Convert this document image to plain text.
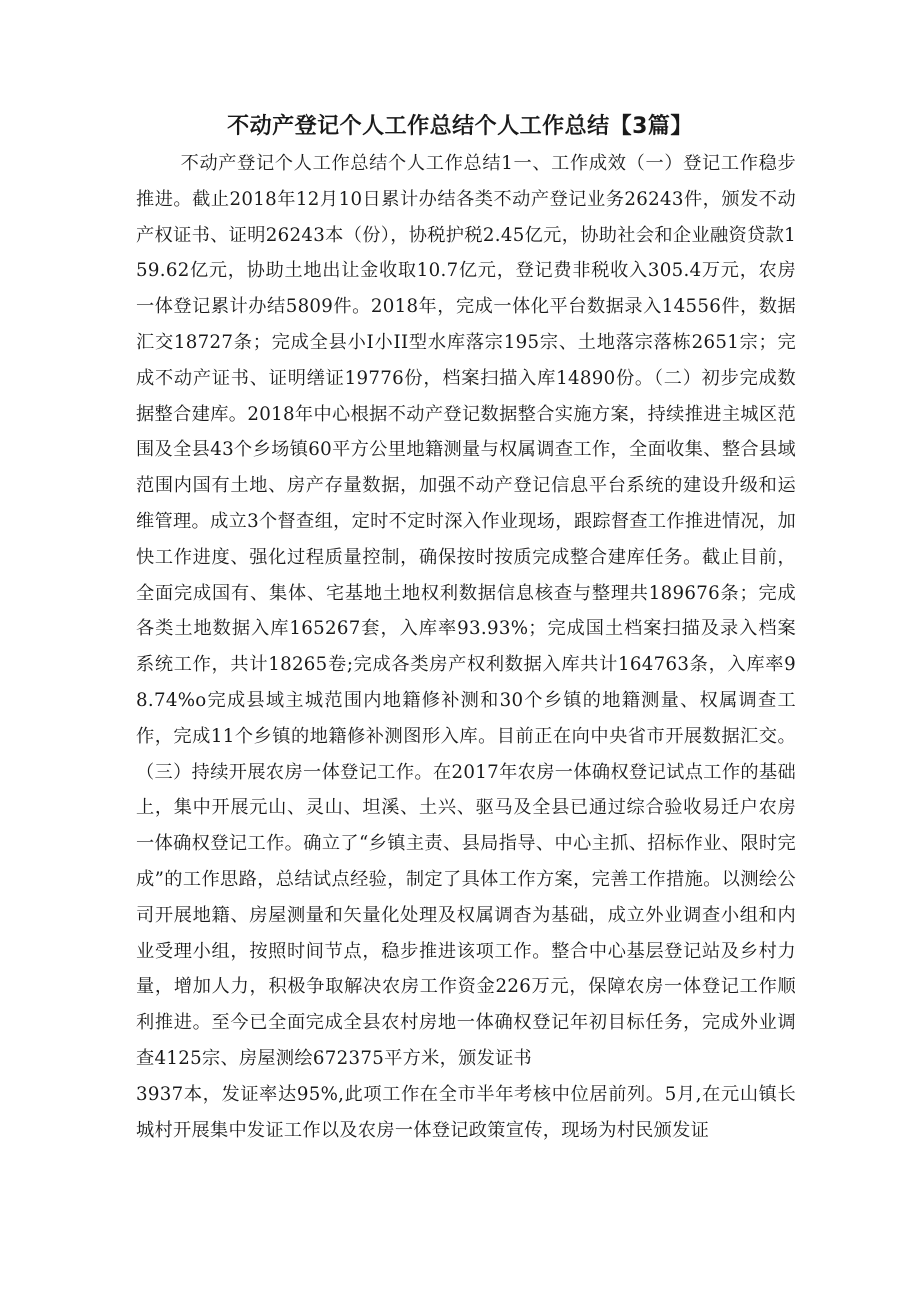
不动产登记个人工作总结个人工作总结【3篇】

不动产登记个人工作总结个人工作总结1一、工作成效（一）登记工作稳步推进。截止2018年12月10日累计办结各类不动产登记业务26243件，颁发不动产权证书、证明26243本（份），协税护税2.45亿元，协助社会和企业融资贷款159.62亿元，协助土地出让金收取10.7亿元，登记费非税收入305.4万元，农房一体登记累计办结5809件。2018年，完成一体化平台数据录入14556件，数据汇交18727条；完成全县小I小II型水库落宗195宗、土地落宗落栋2651宗；完成不动产证书、证明缮证19776份，档案扫描入库14890份。（二）初步完成数据整合建库。2018年中心根据不动产登记数据整合实施方案，持续推进主城区范围及全县43个乡场镇60平方公里地籍测量与权属调查工作，全面收集、整合县域范围内国有土地、房产存量数据，加强不动产登记信息平台系统的建设升级和运维管理。成立3个督查组，定时不定时深入作业现场，跟踪督查工作推进情况，加快工作进度、强化过程质量控制，确保按时按质完成整合建库任务。截止目前，全面完成国有、集体、宅基地土地权利数据信息核查与整理共189676条；完成各类土地数据入库165267套，入库率93.93%；完成国土档案扫描及录入档案系统工作，共计18265卷;完成各类房产权利数据入库共计164763条，入库率98.74%o完成县域主城范围内地籍修补测和30个乡镇的地籍测量、权属调查工作，完成11个乡镇的地籍修补测图形入库。目前正在向中央省市开展数据汇交。（三）持续开展农房一体登记工作。在2017年农房一体确权登记试点工作的基础上，集中开展元山、灵山、坦溪、土兴、驱马及全县已通过综合验收易迁户农房一体确权登记工作。确立了“乡镇主责、县局指导、中心主抓、招标作业、限时完成”的工作思路，总结试点经验，制定了具体工作方案，完善工作措施。以测绘公司开展地籍、房屋测量和矢量化处理及权属调杳为基础，成立外业调查小组和内业受理小组，按照时间节点，稳步推进该项工作。整合中心基层登记站及乡村力量，增加人力，积极争取解决农房工作资金226万元，保障农房一体登记工作顺利推进。至今已全面完成全县农村房地一体确权登记年初目标任务，完成外业调查4125宗、房屋测绘672375平方米，颁发证书

3937本，发证率达95%,此项工作在全市半年考核中位居前列。5月,在元山镇长城村开展集中发证工作以及农房一体登记政策宣传，现场为村民颁发证
